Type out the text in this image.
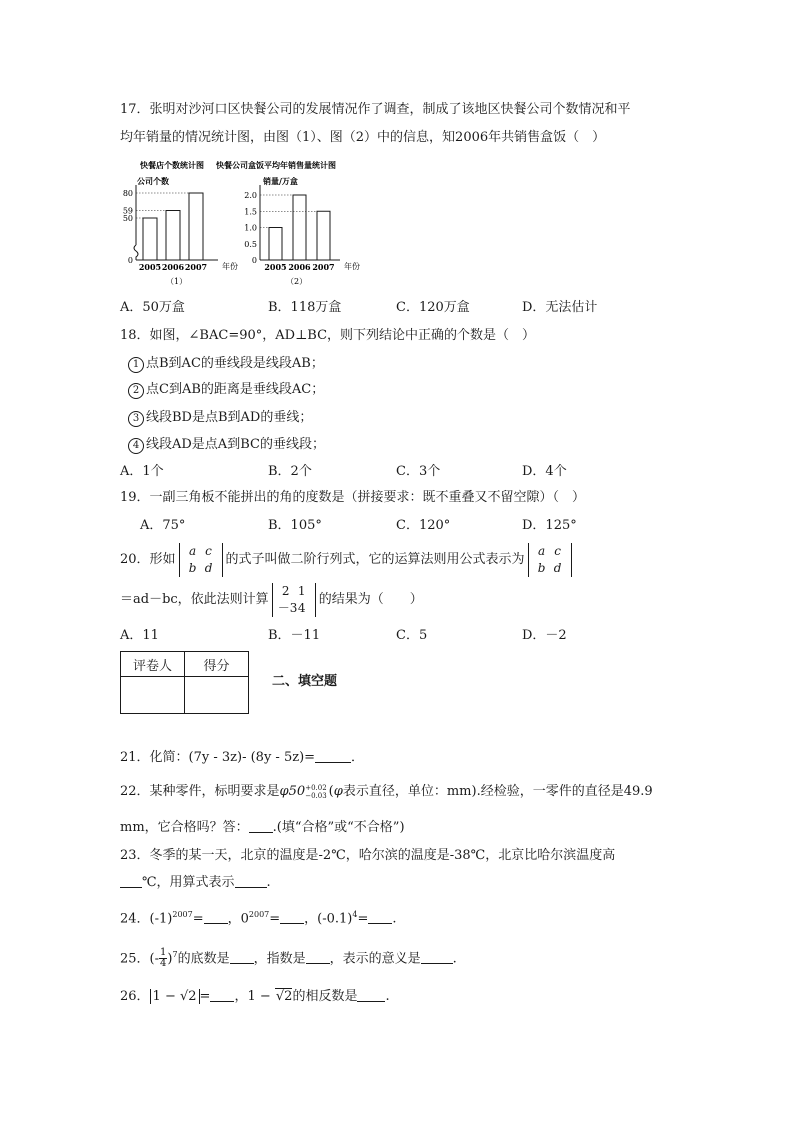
17．张明对沙河口区快餐公司的发展情况作了调查，制成了该地区快餐公司个数情况和平
均年销量的情况统计图，由图（1）、图（2）中的信息，知2006年共销售盒饭（　）
快餐店个数统计图 快餐公司盒饭平均年销售量统计图
公司个数
年份
0
50
59
80
2005 2006 2007
销量/万盒
年份
0
0.5
1.0
1.5
2.0
2005 2006 2007
（1）	（2）
A．50万盒	B．118万盒	C．120万盒	D．无法估计
18．如图，∠BAC=90°，AD⊥BC，则下列结论中正确的个数是（　）
1 点B到AC的垂线段是线段AB；
2 点C到AB的距离是垂线段AC；
3 线段BD是点B到AD的垂线；
4 线段AD是点A到BC的垂线段；
A．1个	B．2个	C．3个	D．4个
19．一副三角板不能拼出的角的度数是（拼接要求：既不重叠又不留空隙）（　）
A．75°	B．105°	C．120°	D．125°
20．形如a c
b d的式子叫做二阶行列式，它的运算法则用公式表示为a c
b d
＝ad－bc，依此法则计算2 1
－34的结果为（　　）
A．11	B．－11	C．5	D．－2
评卷人	得分

二、填空题
21．化简：(7y - 3z)- (8y - 5z)=	．
22．某种零件，标明要求是φ50 +0.02
−0.03 (φ表示直径，单位：mm).经检验，一零件的直径是49.9
mm，它合格吗？答： .(填“合格”或“不合格”)
23．冬季的某一天，北京的温度是-2℃，哈尔滨的温度是-38℃，北京比哈尔滨温度高
℃，用算式表示 .
24．$(-1)^{2007}=$ ，$0^{2007}=$ ，$(-0.1)^4=$ .
25．(- $\frac{1}{4} )^7$的底数是 ，指数是 ，表示的意义是 .
26． 1 − √2 = ，1 − √2的相反数是 .
